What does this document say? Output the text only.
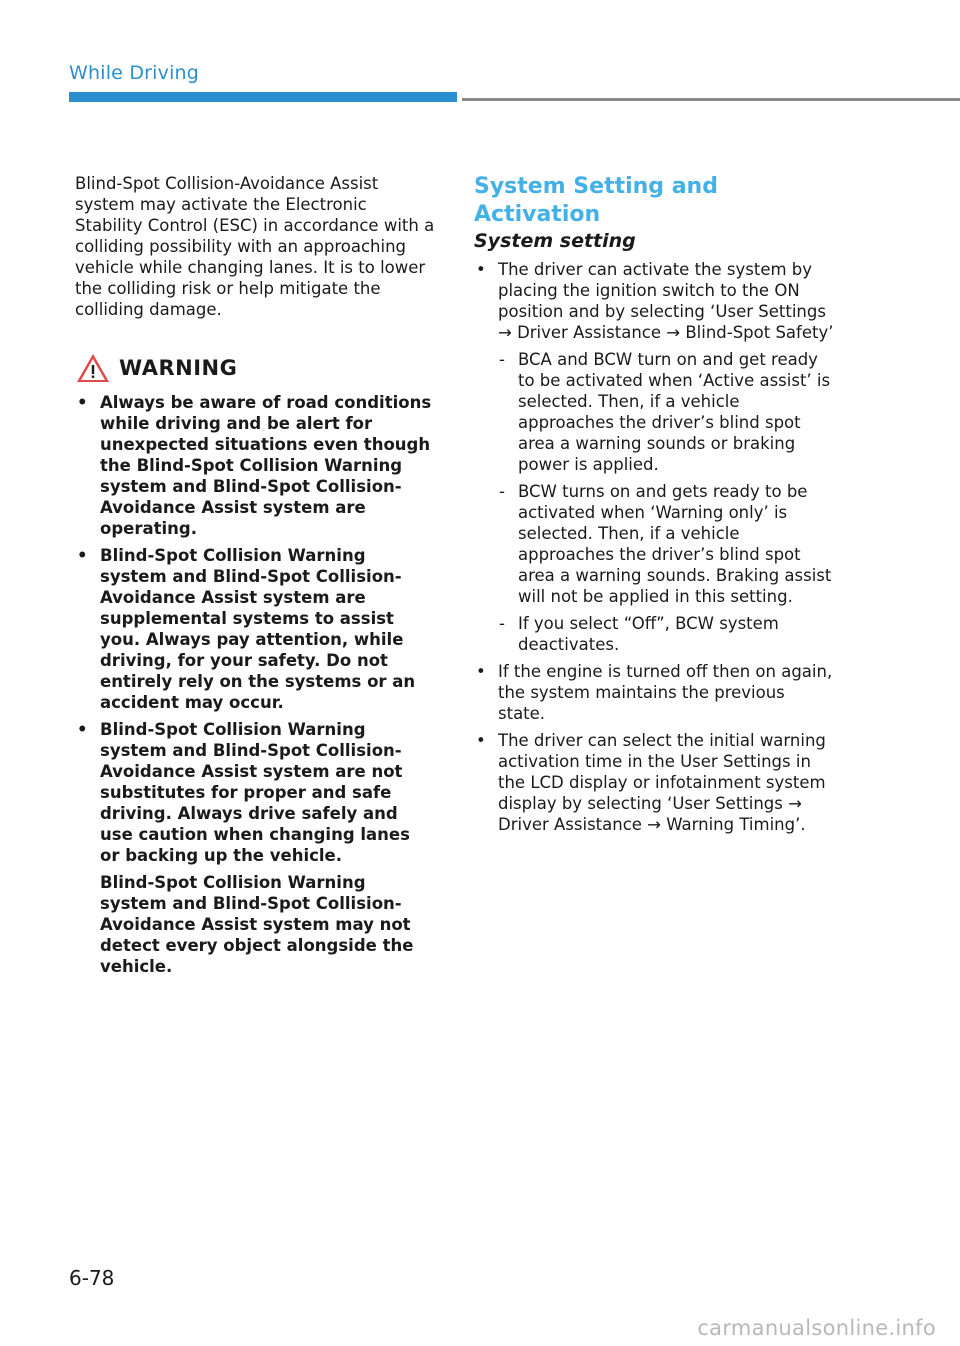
While Driving

Blind-Spot Collision-Avoidance Assist system may activate the Electronic Stability Control (ESC) in accordance with a colliding possibility with an approaching vehicle while changing lanes. It is to lower the colliding risk or help mitigate the colliding damage.

WARNING
• Always be aware of road conditions while driving and be alert for unexpected situations even though the Blind-Spot Collision Warning system and Blind-Spot Collision-Avoidance Assist system are operating.
• Blind-Spot Collision Warning system and Blind-Spot Collision-Avoidance Assist system are supplemental systems to assist you. Always pay attention, while driving, for your safety. Do not entirely rely on the systems or an accident may occur.
• Blind-Spot Collision Warning system and Blind-Spot Collision-Avoidance Assist system are not substitutes for proper and safe driving. Always drive safely and use caution when changing lanes or backing up the vehicle.
Blind-Spot Collision Warning system and Blind-Spot Collision-Avoidance Assist system may not detect every object alongside the vehicle.
System Setting and Activation
System setting
• The driver can activate the system by placing the ignition switch to the ON position and by selecting ‘User Settings → Driver Assistance → Blind-Spot Safety’
- BCA and BCW turn on and get ready to be activated when ‘Active assist’ is selected. Then, if a vehicle approaches the driver’s blind spot area a warning sounds or braking power is applied.
- BCW turns on and gets ready to be activated when ‘Warning only’ is selected. Then, if a vehicle approaches the driver’s blind spot area a warning sounds. Braking assist will not be applied in this setting.
- If you select “Off”, BCW system deactivates.
• If the engine is turned off then on again, the system maintains the previous state.
• The driver can select the initial warning activation time in the User Settings in the LCD display or infotainment system display by selecting ‘User Settings → Driver Assistance → Warning Timing’.
6-78
carmanualsonline.info
